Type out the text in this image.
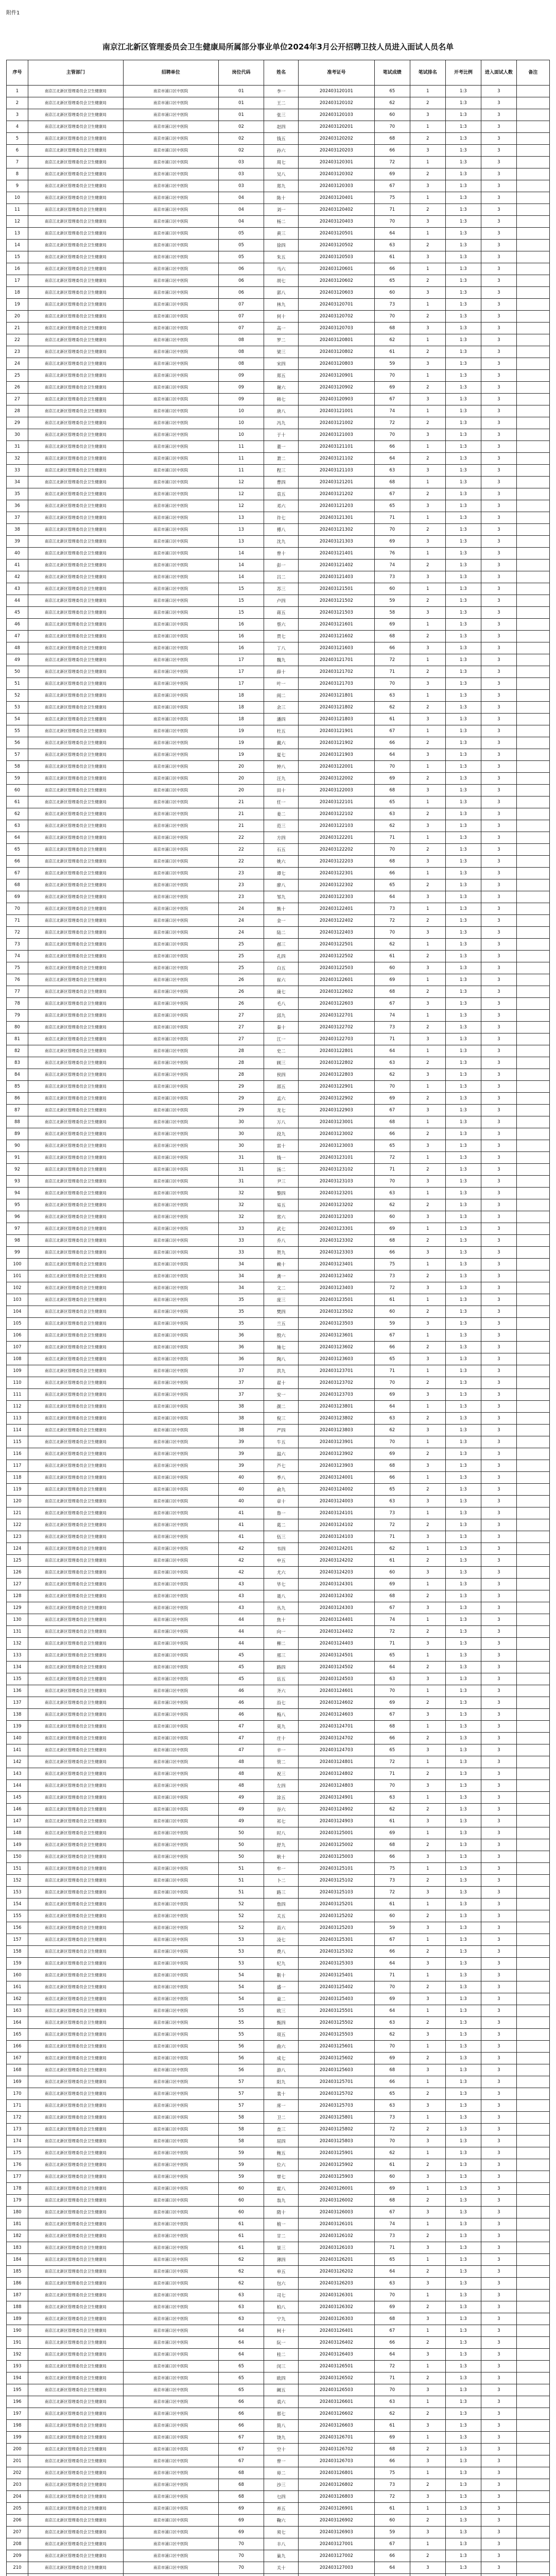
附件1
南京江北新区管理委员会卫生健康局所属部分事业单位2024年3月公开招聘卫技人员进入面试人员名单
序号	主管部门	招聘单位	岗位代码	姓名	准考证号	笔试成绩	笔试排名	开考比例	进入面试人数	备注
1	南京江北新区管理委员会卫生健康局	南京市浦口区中医院	01	李一	202403120101	65	1	1:3	3	
2	南京江北新区管理委员会卫生健康局	南京市浦口区中医院	01	王二	202403120102	62	2	1:3	3	
3	南京江北新区管理委员会卫生健康局	南京市浦口区中医院	01	张三	202403120103	60	3	1:3	3	
4	南京江北新区管理委员会卫生健康局	南京市浦口区中医院	02	赵四	202403120201	70	1	1:3	3	
5	南京江北新区管理委员会卫生健康局	南京市浦口区中医院	02	钱五	202403120202	68	2	1:3	3	
6	南京江北新区管理委员会卫生健康局	南京市浦口区中医院	02	孙六	202403120203	66	3	1:3	3	
7	南京江北新区管理委员会卫生健康局	南京市浦口区中医院	03	周七	202403120301	72	1	1:3	3	
8	南京江北新区管理委员会卫生健康局	南京市浦口区中医院	03	吴八	202403120302	69	2	1:3	3	
9	南京江北新区管理委员会卫生健康局	南京市浦口区中医院	03	郑九	202403120303	67	3	1:3	3	
10	南京江北新区管理委员会卫生健康局	南京市浦口区中医院	04	陈十	202403120401	75	1	1:3	3	
11	南京江北新区管理委员会卫生健康局	南京市浦口区中医院	04	刘一	202403120402	71	2	1:3	3	
12	南京江北新区管理委员会卫生健康局	南京市浦口区中医院	04	杨二	202403120403	70	3	1:3	3	
13	南京江北新区管理委员会卫生健康局	南京市浦口区中医院	05	黄三	202403120501	64	1	1:3	3	
14	南京江北新区管理委员会卫生健康局	南京市浦口区中医院	05	徐四	202403120502	63	2	1:3	3	
15	南京江北新区管理委员会卫生健康局	南京市浦口区中医院	05	朱五	202403120503	61	3	1:3	3	
16	南京江北新区管理委员会卫生健康局	南京市浦口区中医院	06	马六	202403120601	66	1	1:3	3	
17	南京江北新区管理委员会卫生健康局	南京市浦口区中医院	06	胡七	202403120602	65	2	1:3	3	
18	南京江北新区管理委员会卫生健康局	南京市浦口区中医院	06	郭八	202403120603	60	3	1:3	3	
19	南京江北新区管理委员会卫生健康局	南京市浦口区中医院	07	林九	202403120701	73	1	1:3	3	
20	南京江北新区管理委员会卫生健康局	南京市浦口区中医院	07	何十	202403120702	70	2	1:3	3	
21	南京江北新区管理委员会卫生健康局	南京市浦口区中医院	07	高一	202403120703	68	3	1:3	3	
22	南京江北新区管理委员会卫生健康局	南京市浦口区中医院	08	罗二	202403120801	62	1	1:3	3	
23	南京江北新区管理委员会卫生健康局	南京市浦口区中医院	08	梁三	202403120802	61	2	1:3	3	
24	南京江北新区管理委员会卫生健康局	南京市浦口区中医院	08	宋四	202403120803	59	3	1:3	3	
25	南京江北新区管理委员会卫生健康局	南京市浦口区中医院	09	郑五	202403120901	70	1	1:3	3	
26	南京江北新区管理委员会卫生健康局	南京市浦口区中医院	09	谢六	202403120902	69	2	1:3	3	
27	南京江北新区管理委员会卫生健康局	南京市浦口区中医院	09	韩七	202403120903	67	3	1:3	3	
28	南京江北新区管理委员会卫生健康局	南京市浦口区中医院	10	唐八	202403121001	74	1	1:3	3	
29	南京江北新区管理委员会卫生健康局	南京市浦口区中医院	10	冯九	202403121002	72	2	1:3	3	
30	南京江北新区管理委员会卫生健康局	南京市浦口区中医院	10	于十	202403121003	70	3	1:3	3	
31	南京江北新区管理委员会卫生健康局	南京市浦口区中医院	11	董一	202403121101	66	1	1:3	3	
32	南京江北新区管理委员会卫生健康局	南京市浦口区中医院	11	萧二	202403121102	64	2	1:3	3	
33	南京江北新区管理委员会卫生健康局	南京市浦口区中医院	11	程三	202403121103	63	3	1:3	3	
34	南京江北新区管理委员会卫生健康局	南京市浦口区中医院	12	曹四	202403121201	68	1	1:3	3	
35	南京江北新区管理委员会卫生健康局	南京市浦口区中医院	12	袁五	202403121202	67	2	1:3	3	
36	南京江北新区管理委员会卫生健康局	南京市浦口区中医院	12	邓六	202403121203	65	3	1:3	3	
37	南京江北新区管理委员会卫生健康局	南京市浦口区中医院	13	许七	202403121301	71	1	1:3	3	
38	南京江北新区管理委员会卫生健康局	南京市浦口区中医院	13	傅八	202403121302	70	2	1:3	3	
39	南京江北新区管理委员会卫生健康局	南京市浦口区中医院	13	沈九	202403121303	69	3	1:3	3	
40	南京江北新区管理委员会卫生健康局	南京市浦口区中医院	14	曾十	202403121401	76	1	1:3	3	
41	南京江北新区管理委员会卫生健康局	南京市浦口区中医院	14	彭一	202403121402	74	2	1:3	3	
42	南京江北新区管理委员会卫生健康局	南京市浦口区中医院	14	吕二	202403121403	73	3	1:3	3	
43	南京江北新区管理委员会卫生健康局	南京市浦口区中医院	15	苏三	202403121501	60	1	1:3	3	
44	南京江北新区管理委员会卫生健康局	南京市浦口区中医院	15	卢四	202403121502	59	2	1:3	3	
45	南京江北新区管理委员会卫生健康局	南京市浦口区中医院	15	蒋五	202403121503	58	3	1:3	3	
46	南京江北新区管理委员会卫生健康局	南京市浦口区中医院	16	蔡六	202403121601	69	1	1:3	3	
47	南京江北新区管理委员会卫生健康局	南京市浦口区中医院	16	贾七	202403121602	68	2	1:3	3	
48	南京江北新区管理委员会卫生健康局	南京市浦口区中医院	16	丁八	202403121603	66	3	1:3	3	
49	南京江北新区管理委员会卫生健康局	南京市浦口区中医院	17	魏九	202403121701	72	1	1:3	3	
50	南京江北新区管理委员会卫生健康局	南京市浦口区中医院	17	薛十	202403121702	71	2	1:3	3	
51	南京江北新区管理委员会卫生健康局	南京市浦口区中医院	17	叶一	202403121703	70	3	1:3	3	
52	南京江北新区管理委员会卫生健康局	南京市浦口区中医院	18	阎二	202403121801	63	1	1:3	3	
53	南京江北新区管理委员会卫生健康局	南京市浦口区中医院	18	余三	202403121802	62	2	1:3	3	
54	南京江北新区管理委员会卫生健康局	南京市浦口区中医院	18	潘四	202403121803	61	3	1:3	3	
55	南京江北新区管理委员会卫生健康局	南京市浦口区中医院	19	杜五	202403121901	67	1	1:3	3	
56	南京江北新区管理委员会卫生健康局	南京市浦口区中医院	19	戴六	202403121902	66	2	1:3	3	
57	南京江北新区管理委员会卫生健康局	南京市浦口区中医院	19	夏七	202403121903	64	3	1:3	3	
58	南京江北新区管理委员会卫生健康局	南京市浦口区中医院	20	钟八	202403122001	70	1	1:3	3	
59	南京江北新区管理委员会卫生健康局	南京市浦口区中医院	20	汪九	202403122002	69	2	1:3	3	
60	南京江北新区管理委员会卫生健康局	南京市浦口区中医院	20	田十	202403122003	68	3	1:3	3	
61	南京江北新区管理委员会卫生健康局	南京市浦口区中医院	21	任一	202403122101	65	1	1:3	3	
62	南京江北新区管理委员会卫生健康局	南京市浦口区中医院	21	姜二	202403122102	63	2	1:3	3	
63	南京江北新区管理委员会卫生健康局	南京市浦口区中医院	21	范三	202403122103	62	3	1:3	3	
64	南京江北新区管理委员会卫生健康局	南京市浦口区中医院	22	方四	202403122201	71	1	1:3	3	
65	南京江北新区管理委员会卫生健康局	南京市浦口区中医院	22	石五	202403122202	70	2	1:3	3	
66	南京江北新区管理委员会卫生健康局	南京市浦口区中医院	22	姚六	202403122203	68	3	1:3	3	
67	南京江北新区管理委员会卫生健康局	南京市浦口区中医院	23	谭七	202403122301	66	1	1:3	3	
68	南京江北新区管理委员会卫生健康局	南京市浦口区中医院	23	廖八	202403122302	65	2	1:3	3	
69	南京江北新区管理委员会卫生健康局	南京市浦口区中医院	23	邹九	202403122303	64	3	1:3	3	
70	南京江北新区管理委员会卫生健康局	南京市浦口区中医院	24	熊十	202403122401	73	1	1:3	3	
71	南京江北新区管理委员会卫生健康局	南京市浦口区中医院	24	金一	202403122402	72	2	1:3	3	
72	南京江北新区管理委员会卫生健康局	南京市浦口区中医院	24	陆二	202403122403	70	3	1:3	3	
73	南京江北新区管理委员会卫生健康局	南京市浦口区中医院	25	郝三	202403122501	62	1	1:3	3	
74	南京江北新区管理委员会卫生健康局	南京市浦口区中医院	25	孔四	202403122502	61	2	1:3	3	
75	南京江北新区管理委员会卫生健康局	南京市浦口区中医院	25	白五	202403122503	60	3	1:3	3	
76	南京江北新区管理委员会卫生健康局	南京市浦口区中医院	26	崔六	202403122601	69	1	1:3	3	
77	南京江北新区管理委员会卫生健康局	南京市浦口区中医院	26	康七	202403122602	68	2	1:3	3	
78	南京江北新区管理委员会卫生健康局	南京市浦口区中医院	26	毛八	202403122603	67	3	1:3	3	
79	南京江北新区管理委员会卫生健康局	南京市浦口区中医院	27	邱九	202403122701	74	1	1:3	3	
80	南京江北新区管理委员会卫生健康局	南京市浦口区中医院	27	秦十	202403122702	73	2	1:3	3	
81	南京江北新区管理委员会卫生健康局	南京市浦口区中医院	27	江一	202403122703	71	3	1:3	3	
82	南京江北新区管理委员会卫生健康局	南京市浦口区中医院	28	史二	202403122801	64	1	1:3	3	
83	南京江北新区管理委员会卫生健康局	南京市浦口区中医院	28	顾三	202403122802	63	2	1:3	3	
84	南京江北新区管理委员会卫生健康局	南京市浦口区中医院	28	侯四	202403122803	62	3	1:3	3	
85	南京江北新区管理委员会卫生健康局	南京市浦口区中医院	29	邵五	202403122901	70	1	1:3	3	
86	南京江北新区管理委员会卫生健康局	南京市浦口区中医院	29	孟六	202403122902	69	2	1:3	3	
87	南京江北新区管理委员会卫生健康局	南京市浦口区中医院	29	龙七	202403122903	67	3	1:3	3	
88	南京江北新区管理委员会卫生健康局	南京市浦口区中医院	30	万八	202403123001	68	1	1:3	3	
89	南京江北新区管理委员会卫生健康局	南京市浦口区中医院	30	段九	202403123002	66	2	1:3	3	
90	南京江北新区管理委员会卫生健康局	南京市浦口区中医院	30	雷十	202403123003	65	3	1:3	3	
91	南京江北新区管理委员会卫生健康局	南京市浦口区中医院	31	钱一	202403123101	72	1	1:3	3	
92	南京江北新区管理委员会卫生健康局	南京市浦口区中医院	31	汤二	202403123102	71	2	1:3	3	
93	南京江北新区管理委员会卫生健康局	南京市浦口区中医院	31	尹三	202403123103	70	3	1:3	3	
94	南京江北新区管理委员会卫生健康局	南京市浦口区中医院	32	黎四	202403123201	63	1	1:3	3	
95	南京江北新区管理委员会卫生健康局	南京市浦口区中医院	32	易五	202403123202	62	2	1:3	3	
96	南京江北新区管理委员会卫生健康局	南京市浦口区中医院	32	常六	202403123203	60	3	1:3	3	
97	南京江北新区管理委员会卫生健康局	南京市浦口区中医院	33	武七	202403123301	69	1	1:3	3	
98	南京江北新区管理委员会卫生健康局	南京市浦口区中医院	33	乔八	202403123302	68	2	1:3	3	
99	南京江北新区管理委员会卫生健康局	南京市浦口区中医院	33	贺九	202403123303	66	3	1:3	3	
100	南京江北新区管理委员会卫生健康局	南京市浦口区中医院	34	赖十	202403123401	75	1	1:3	3	
101	南京江北新区管理委员会卫生健康局	南京市浦口区中医院	34	龚一	202403123402	73	2	1:3	3	
102	南京江北新区管理委员会卫生健康局	南京市浦口区中医院	34	文二	202403123403	72	3	1:3	3	
103	南京江北新区管理委员会卫生健康局	南京市浦口区中医院	35	庞三	202403123501	61	1	1:3	3	
104	南京江北新区管理委员会卫生健康局	南京市浦口区中医院	35	樊四	202403123502	60	2	1:3	3	
105	南京江北新区管理委员会卫生健康局	南京市浦口区中医院	35	兰五	202403123503	59	3	1:3	3	
106	南京江北新区管理委员会卫生健康局	南京市浦口区中医院	36	殷六	202403123601	67	1	1:3	3	
107	南京江北新区管理委员会卫生健康局	南京市浦口区中医院	36	施七	202403123602	66	2	1:3	3	
108	南京江北新区管理委员会卫生健康局	南京市浦口区中医院	36	陶八	202403123603	65	3	1:3	3	
109	南京江北新区管理委员会卫生健康局	南京市浦口区中医院	37	洪九	202403123701	71	1	1:3	3	
110	南京江北新区管理委员会卫生健康局	南京市浦口区中医院	37	翟十	202403123702	70	2	1:3	3	
111	南京江北新区管理委员会卫生健康局	南京市浦口区中医院	37	安一	202403123703	69	3	1:3	3	
112	南京江北新区管理委员会卫生健康局	南京市浦口区中医院	38	颜二	202403123801	64	1	1:3	3	
113	南京江北新区管理委员会卫生健康局	南京市浦口区中医院	38	倪三	202403123802	63	2	1:3	3	
114	南京江北新区管理委员会卫生健康局	南京市浦口区中医院	38	严四	202403123803	62	3	1:3	3	
115	南京江北新区管理委员会卫生健康局	南京市浦口区中医院	39	牛五	202403123901	70	1	1:3	3	
116	南京江北新区管理委员会卫生健康局	南京市浦口区中医院	39	温六	202403123902	69	2	1:3	3	
117	南京江北新区管理委员会卫生健康局	南京市浦口区中医院	39	芦七	202403123903	68	3	1:3	3	
118	南京江北新区管理委员会卫生健康局	南京市浦口区中医院	40	季八	202403124001	66	1	1:3	3	
119	南京江北新区管理委员会卫生健康局	南京市浦口区中医院	40	俞九	202403124002	65	2	1:3	3	
120	南京江北新区管理委员会卫生健康局	南京市浦口区中医院	40	章十	202403124003	63	3	1:3	3	
121	南京江北新区管理委员会卫生健康局	南京市浦口区中医院	41	鲁一	202403124101	73	1	1:3	3	
122	南京江北新区管理委员会卫生健康局	南京市浦口区中医院	41	葛二	202403124102	72	2	1:3	3	
123	南京江北新区管理委员会卫生健康局	南京市浦口区中医院	41	伍三	202403124103	71	3	1:3	3	
124	南京江北新区管理委员会卫生健康局	南京市浦口区中医院	42	韦四	202403124201	62	1	1:3	3	
125	南京江北新区管理委员会卫生健康局	南京市浦口区中医院	42	申五	202403124202	61	2	1:3	3	
126	南京江北新区管理委员会卫生健康局	南京市浦口区中医院	42	尤六	202403124203	60	3	1:3	3	
127	南京江北新区管理委员会卫生健康局	南京市浦口区中医院	43	毕七	202403124301	69	1	1:3	3	
128	南京江北新区管理委员会卫生健康局	南京市浦口区中医院	43	聂八	202403124302	68	2	1:3	3	
129	南京江北新区管理委员会卫生健康局	南京市浦口区中医院	43	丛九	202403124303	67	3	1:3	3	
130	南京江北新区管理委员会卫生健康局	南京市浦口区中医院	44	焦十	202403124401	74	1	1:3	3	
131	南京江北新区管理委员会卫生健康局	南京市浦口区中医院	44	向一	202403124402	72	2	1:3	3	
132	南京江北新区管理委员会卫生健康局	南京市浦口区中医院	44	柳二	202403124403	71	3	1:3	3	
133	南京江北新区管理委员会卫生健康局	南京市浦口区中医院	45	邢三	202403124501	65	1	1:3	3	
134	南京江北新区管理委员会卫生健康局	南京市浦口区中医院	45	路四	202403124502	64	2	1:3	3	
135	南京江北新区管理委员会卫生健康局	南京市浦口区中医院	45	岳五	202403124503	63	3	1:3	3	
136	南京江北新区管理委员会卫生健康局	南京市浦口区中医院	46	齐六	202403124601	70	1	1:3	3	
137	南京江北新区管理委员会卫生健康局	南京市浦口区中医院	46	沿七	202403124602	69	2	1:3	3	
138	南京江北新区管理委员会卫生健康局	南京市浦口区中医院	46	梅八	202403124603	67	3	1:3	3	
139	南京江北新区管理委员会卫生健康局	南京市浦口区中医院	47	莫九	202403124701	68	1	1:3	3	
140	南京江北新区管理委员会卫生健康局	南京市浦口区中医院	47	庄十	202403124702	66	2	1:3	3	
141	南京江北新区管理委员会卫生健康局	南京市浦口区中医院	47	辛一	202403124703	65	3	1:3	3	
142	南京江北新区管理委员会卫生健康局	南京市浦口区中医院	48	管二	202403124801	72	1	1:3	3	
143	南京江北新区管理委员会卫生健康局	南京市浦口区中医院	48	祝三	202403124802	71	2	1:3	3	
144	南京江北新区管理委员会卫生健康局	南京市浦口区中医院	48	左四	202403124803	70	3	1:3	3	
145	南京江北新区管理委员会卫生健康局	南京市浦口区中医院	49	涂五	202403124901	63	1	1:3	3	
146	南京江北新区管理委员会卫生健康局	南京市浦口区中医院	49	谷六	202403124902	62	2	1:3	3	
147	南京江北新区管理委员会卫生健康局	南京市浦口区中医院	49	祁七	202403124903	61	3	1:3	3	
148	南京江北新区管理委员会卫生健康局	南京市浦口区中医院	50	时八	202403125001	69	1	1:3	3	
149	南京江北新区管理委员会卫生健康局	南京市浦口区中医院	50	舒九	202403125002	68	2	1:3	3	
150	南京江北新区管理委员会卫生健康局	南京市浦口区中医院	50	耿十	202403125003	66	3	1:3	3	
151	南京江北新区管理委员会卫生健康局	南京市浦口区中医院	51	牟一	202403125101	75	1	1:3	3	
152	南京江北新区管理委员会卫生健康局	南京市浦口区中医院	51	卜二	202403125102	73	2	1:3	3	
153	南京江北新区管理委员会卫生健康局	南京市浦口区中医院	51	路三	202403125103	72	3	1:3	3	
154	南京江北新区管理委员会卫生健康局	南京市浦口区中医院	52	詹四	202403125201	61	1	1:3	3	
155	南京江北新区管理委员会卫生健康局	南京市浦口区中医院	52	关五	202403125202	60	2	1:3	3	
156	南京江北新区管理委员会卫生健康局	南京市浦口区中医院	52	苗六	202403125203	59	3	1:3	3	
157	南京江北新区管理委员会卫生健康局	南京市浦口区中医院	53	凌七	202403125301	67	1	1:3	3	
158	南京江北新区管理委员会卫生健康局	南京市浦口区中医院	53	费八	202403125302	66	2	1:3	3	
159	南京江北新区管理委员会卫生健康局	南京市浦口区中医院	53	纪九	202403125303	64	3	1:3	3	
160	南京江北新区管理委员会卫生健康局	南京市浦口区中医院	54	靳十	202403125401	71	1	1:3	3	
161	南京江北新区管理委员会卫生健康局	南京市浦口区中医院	54	盛一	202403125402	70	2	1:3	3	
162	南京江北新区管理委员会卫生健康局	南京市浦口区中医院	54	童二	202403125403	69	3	1:3	3	
163	南京江北新区管理委员会卫生健康局	南京市浦口区中医院	55	欧三	202403125501	64	1	1:3	3	
164	南京江北新区管理委员会卫生健康局	南京市浦口区中医院	55	甄四	202403125502	63	2	1:3	3	
165	南京江北新区管理委员会卫生健康局	南京市浦口区中医院	55	项五	202403125503	62	3	1:3	3	
166	南京江北新区管理委员会卫生健康局	南京市浦口区中医院	56	曲六	202403125601	70	1	1:3	3	
167	南京江北新区管理委员会卫生健康局	南京市浦口区中医院	56	成七	202403125602	69	2	1:3	3	
168	南京江北新区管理委员会卫生健康局	南京市浦口区中医院	56	游八	202403125603	68	3	1:3	3	
169	南京江北新区管理委员会卫生健康局	南京市浦口区中医院	57	阳九	202403125701	66	1	1:3	3	
170	南京江北新区管理委员会卫生健康局	南京市浦口区中医院	57	裴十	202403125702	65	2	1:3	3	
171	南京江北新区管理委员会卫生健康局	南京市浦口区中医院	57	席一	202403125703	63	3	1:3	3	
172	南京江北新区管理委员会卫生健康局	南京市浦口区中医院	58	卫二	202403125801	73	1	1:3	3	
173	南京江北新区管理委员会卫生健康局	南京市浦口区中医院	58	查三	202403125802	72	2	1:3	3	
174	南京江北新区管理委员会卫生健康局	南京市浦口区中医院	58	屈四	202403125803	70	3	1:3	3	
175	南京江北新区管理委员会卫生健康局	南京市浦口区中医院	59	鲍五	202403125901	62	1	1:3	3	
176	南京江北新区管理委员会卫生健康局	南京市浦口区中医院	59	位六	202403125902	61	2	1:3	3	
177	南京江北新区管理委员会卫生健康局	南京市浦口区中医院	59	覃七	202403125903	60	3	1:3	3	
178	南京江北新区管理委员会卫生健康局	南京市浦口区中医院	60	霍八	202403126001	69	1	1:3	3	
179	南京江北新区管理委员会卫生健康局	南京市浦口区中医院	60	翁九	202403126002	68	2	1:3	3	
180	南京江北新区管理委员会卫生健康局	南京市浦口区中医院	60	隋十	202403126003	67	3	1:3	3	
181	南京江北新区管理委员会卫生健康局	南京市浦口区中医院	61	植一	202403126101	74	1	1:3	3	
182	南京江北新区管理委员会卫生健康局	南京市浦口区中医院	61	甘二	202403126102	73	2	1:3	3	
183	南京江北新区管理委员会卫生健康局	南京市浦口区中医院	61	景三	202403126103	71	3	1:3	3	
184	南京江北新区管理委员会卫生健康局	南京市浦口区中医院	62	薄四	202403126201	65	1	1:3	3	
185	南京江北新区管理委员会卫生健康局	南京市浦口区中医院	62	单五	202403126202	64	2	1:3	3	
186	南京江北新区管理委员会卫生健康局	南京市浦口区中医院	62	包六	202403126203	63	3	1:3	3	
187	南京江北新区管理委员会卫生健康局	南京市浦口区中医院	63	司七	202403126301	70	1	1:3	3	
188	南京江北新区管理委员会卫生健康局	南京市浦口区中医院	63	柏八	202403126302	69	2	1:3	3	
189	南京江北新区管理委员会卫生健康局	南京市浦口区中医院	63	宁九	202403126303	68	3	1:3	3	
190	南京江北新区管理委员会卫生健康局	南京市浦口区中医院	64	柯十	202403126401	67	1	1:3	3	
191	南京江北新区管理委员会卫生健康局	南京市浦口区中医院	64	阮一	202403126402	66	2	1:3	3	
192	南京江北新区管理委员会卫生健康局	南京市浦口区中医院	64	桂二	202403126403	64	3	1:3	3	
193	南京江北新区管理委员会卫生健康局	南京市浦口区中医院	65	闵三	202403126501	72	1	1:3	3	
194	南京江北新区管理委员会卫生健康局	南京市浦口区中医院	65	欧四	202403126502	71	2	1:3	3	
195	南京江北新区管理委员会卫生健康局	南京市浦口区中医院	65	阚五	202403126503	70	3	1:3	3	
196	南京江北新区管理委员会卫生健康局	南京市浦口区中医院	66	裘六	202403126601	63	1	1:3	3	
197	南京江北新区管理委员会卫生健康局	南京市浦口区中医院	66	那七	202403126602	62	2	1:3	3	
198	南京江北新区管理委员会卫生健康局	南京市浦口区中医院	66	简八	202403126603	61	3	1:3	3	
199	南京江北新区管理委员会卫生健康局	南京市浦口区中医院	67	饶九	202403126701	69	1	1:3	3	
200	南京江北新区管理委员会卫生健康局	南京市浦口区中医院	67	空十	202403126702	68	2	1:3	3	
201	南京江北新区管理委员会卫生健康局	南京市浦口区中医院	67	曾一	202403126703	66	3	1:3	3	
202	南京江北新区管理委员会卫生健康局	南京市浦口区中医院	68	毋二	202403126801	75	1	1:3	3	
203	南京江北新区管理委员会卫生健康局	南京市浦口区中医院	68	沙三	202403126802	73	2	1:3	3	
204	南京江北新区管理委员会卫生健康局	南京市浦口区中医院	68	乜四	202403126803	72	3	1:3	3	
205	南京江北新区管理委员会卫生健康局	南京市浦口区中医院	69	养五	202403126901	61	1	1:3	3	
206	南京江北新区管理委员会卫生健康局	南京市浦口区中医院	69	鞠六	202403126902	60	2	1:3	3	
207	南京江北新区管理委员会卫生健康局	南京市浦口区中医院	69	须七	202403126903	59	3	1:3	3	
208	南京江北新区管理委员会卫生健康局	南京市浦口区中医院	70	丰八	202403127001	67	1	1:3	3	
209	南京江北新区管理委员会卫生健康局	南京市浦口区中医院	70	巢九	202403127002	66	2	1:3	3	
210	南京江北新区管理委员会卫生健康局	南京市浦口区中医院	70	关十	202403127003	64	3	1:3	3	
